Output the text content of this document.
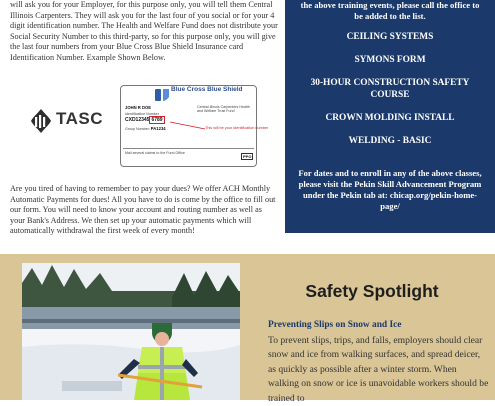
will ask you for your Employer, for this purpose only, you will tell them Central Illinois Carpenters. They will ask you for the last four of you social or for your 4 digit identification number. The Health and Welfare Fund does not distribute your Social Security Number to this third-party, so for this purpose only, you will give the last four numbers from your Blue Cross Blue Shield Insurance card Identification Number. Example Shown Below.
TASC
Blue Cross Blue Shield
JOHN R DOE
Identification Number
CXD12345 6789
Group Number: PA1234
Central Illinois Carpenters Health and Welfare Trust Fund
This will be your identification number
Mail several claims to the Fund Office
PPO
Are you tired of having to remember to pay your dues? We offer ACH Monthly Automatic Payments for dues! All you have to do is come by the office to fill out our form. You will need to know your account and routing number as well as your Bank's Address. We then set up your automatic payments which will automatically withdrawal the first week of every month!
the above training events, please call the office to be added to the list.
CEILING SYSTEMS
SYMONS FORM
30-HOUR CONSTRUCTION SAFETY COURSE
CROWN MOLDING INSTALL
WELDING - BASIC
For dates and to enroll in any of the above classes, please visit the Pekin Skill Advancement Program under the Pekin tab at: chicap.org/pekin-home-page/
Safety Spotlight
Preventing Slips on Snow and Ice
To prevent slips, trips, and falls, employers should clear snow and ice from walking surfaces, and spread deicer, as quickly as possible after a winter storm. When walking on snow or ice is unavoidable workers should be trained to
